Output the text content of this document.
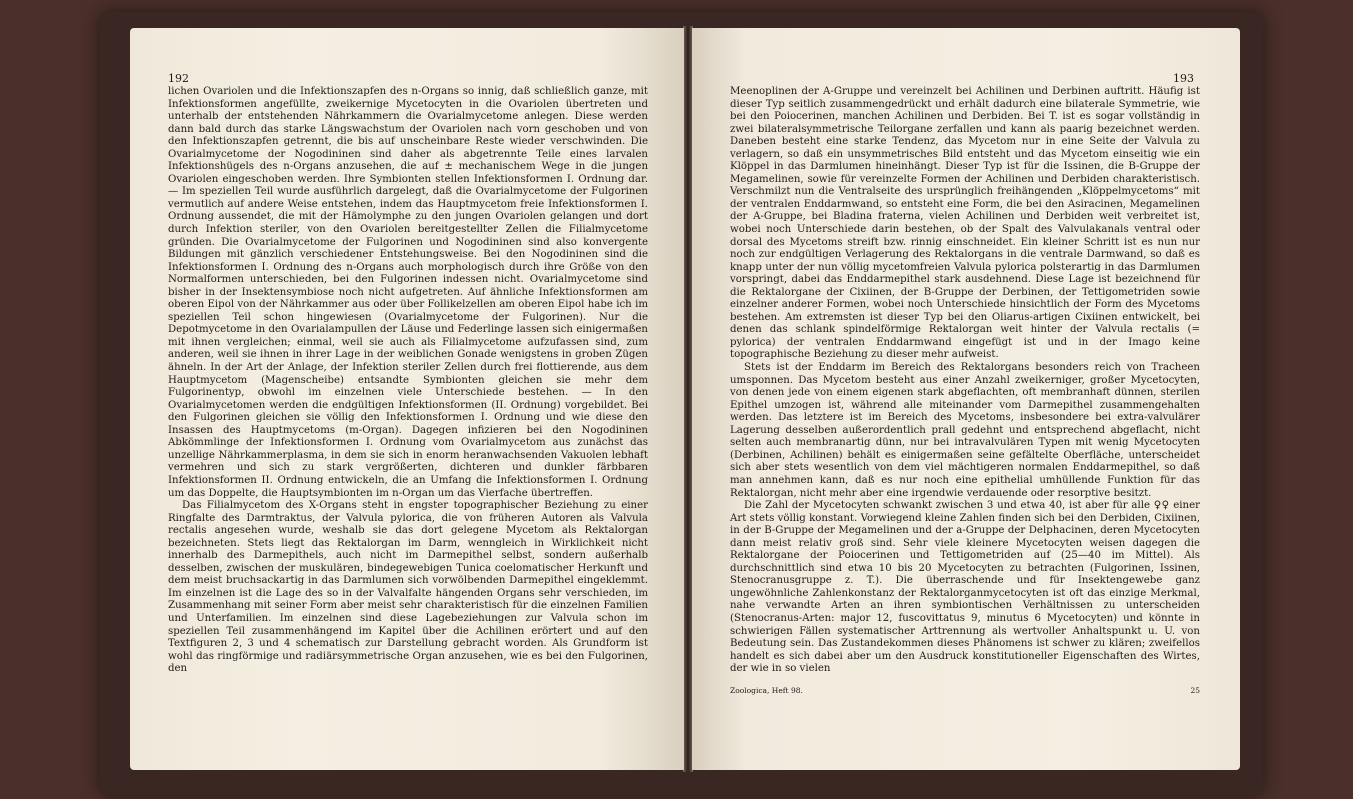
192

lichen Ovariolen und die Infektionszapfen des n-Organs so innig, daß schließlich ganze, mit Infektionsformen angefüllte, zweikernige Mycetocyten in die Ovariolen übertreten und unterhalb der entstehenden Nährkammern die Ovarialmycetome anlegen. Diese werden dann bald durch das starke Längswachstum der Ovariolen nach vorn geschoben und von den Infektionszapfen getrennt, die bis auf unscheinbare Reste wieder verschwinden. Die Ovarialmycetome der Nogodininen sind daher als abgetrennte Teile eines larvalen Infektionshügels des n-Organs anzusehen, die auf ± mechanischem Wege in die jungen Ovariolen eingeschoben werden. Ihre Symbionten stellen Infektionsformen I. Ordnung dar. — Im speziellen Teil wurde ausführlich dargelegt, daß die Ovarialmycetome der Fulgorinen vermutlich auf andere Weise entstehen, indem das Hauptmycetom freie Infektionsformen I. Ordnung aussendet, die mit der Hämolymphe zu den jungen Ovariolen gelangen und dort durch Infektion steriler, von den Ovariolen bereitgestellter Zellen die Filialmycetome gründen. Die Ovarialmycetome der Fulgorinen und Nogodininen sind also konvergente Bildungen mit gänzlich verschiedener Entstehungsweise. Bei den Nogodininen sind die Infektionsformen I. Ordnung des n-Organs auch morphologisch durch ihre Größe von den Normalformen unterschieden, bei den Fulgorinen indessen nicht. Ovarialmycetome sind bisher in der Insektensymbiose noch nicht aufgetreten. Auf ähnliche Infektionsformen am oberen Eipol von der Nährkammer aus oder über Follikelzellen am oberen Eipol habe ich im speziellen Teil schon hingewiesen (Ovarialmycetome der Fulgorinen). Nur die Depotmycetome in den Ovarialampullen der Läuse und Federlinge lassen sich einigermaßen mit ihnen vergleichen; einmal, weil sie auch als Filialmycetome aufzufassen sind, zum anderen, weil sie ihnen in ihrer Lage in der weiblichen Gonade wenigstens in groben Zügen ähneln. In der Art der Anlage, der Infektion steriler Zellen durch frei flottierende, aus dem Hauptmycetom (Magenscheibe) entsandte Symbionten gleichen sie mehr dem Fulgorinentyp, obwohl im einzelnen viele Unterschiede bestehen. — In den Ovarialmycetomen werden die endgültigen Infektionsformen (II. Ordnung) vorgebildet. Bei den Fulgorinen gleichen sie völlig den Infektionsformen I. Ordnung und wie diese den Insassen des Hauptmycetoms (m-Organ). Dagegen infizieren bei den Nogodininen Abkömmlinge der Infektionsformen I. Ordnung vom Ovarialmycetom aus zunächst das unzellige Nährkammerplasma, in dem sie sich in enorm heranwachsenden Vakuolen lebhaft vermehren und sich zu stark vergrößerten, dichteren und dunkler färbbaren Infektionsformen II. Ordnung entwickeln, die an Umfang die Infektionsformen I. Ordnung um das Doppelte, die Hauptsymbionten im n-Organ um das Vierfache übertreffen.

Das Filialmycetom des X-Organs steht in engster topographischer Beziehung zu einer Ringfalte des Darmtraktus, der Valvula pylorica, die von früheren Autoren als Valvula rectalis angesehen wurde, weshalb sie das dort gelegene Mycetom als Rektalorgan bezeichneten. Stets liegt das Rektalorgan im Darm, wenngleich in Wirklichkeit nicht innerhalb des Darmepithels, auch nicht im Darmepithel selbst, sondern außerhalb desselben, zwischen der muskulären, bindegewebigen Tunica coelomatischer Herkunft und dem meist bruchsackartig in das Darmlumen sich vorwölbenden Darmepithel eingeklemmt. Im einzelnen ist die Lage des so in der Valvalfalte hängenden Organs sehr verschieden, im Zusammenhang mit seiner Form aber meist sehr charakteristisch für die einzelnen Familien und Unterfamilien. Im einzelnen sind diese Lagebeziehungen zur Valvula schon im speziellen Teil zusammenhängend im Kapitel über die Achilinen erörtert und auf den Textfiguren 2, 3 und 4 schematisch zur Darstellung gebracht worden. Als Grundform ist wohl das ringförmige und radiärsymmetrische Organ anzusehen, wie es bei den Fulgorinen, den

193

Meenoplinen der A-Gruppe und vereinzelt bei Achilinen und Derbinen auftritt. Häufig ist dieser Typ seitlich zusammengedrückt und erhält dadurch eine bilaterale Symmetrie, wie bei den Poiocerinen, manchen Achilinen und Derbiden. Bei T. ist es sogar vollständig in zwei bilateralsymmetrische Teilorgane zerfallen und kann als paarig bezeichnet werden. Daneben besteht eine starke Tendenz, das Mycetom nur in eine Seite der Valvula zu verlagern, so daß ein unsymmetrisches Bild entsteht und das Mycetom einseitig wie ein Klöppel in das Darmlumen hineinhängt. Dieser Typ ist für die Issinen, die B-Gruppe der Megamelinen, sowie für vereinzelte Formen der Achilinen und Derbiden charakteristisch. Verschmilzt nun die Ventralseite des ursprünglich freihängenden „Klöppelmycetoms“ mit der ventralen Enddarmwand, so entsteht eine Form, die bei den Asiracinen, Megamelinen der A-Gruppe, bei Bladina fraterna, vielen Achilinen und Derbiden weit verbreitet ist, wobei noch Unterschiede darin bestehen, ob der Spalt des Valvulakanals ventral oder dorsal des Mycetoms streift bzw. rinnig einschneidet. Ein kleiner Schritt ist es nun nur noch zur endgültigen Verlagerung des Rektalorgans in die ventrale Darmwand, so daß es knapp unter der nun völlig mycetomfreien Valvula pylorica polsterartig in das Darmlumen vorspringt, dabei das Enddarmepithel stark ausdehnend. Diese Lage ist bezeichnend für die Rektalorgane der Cixiinen, der B-Gruppe der Derbinen, der Tettigometriden sowie einzelner anderer Formen, wobei noch Unterschiede hinsichtlich der Form des Mycetoms bestehen. Am extremsten ist dieser Typ bei den Oliarus-artigen Cixiinen entwickelt, bei denen das schlank spindelförmige Rektalorgan weit hinter der Valvula rectalis (= pylorica) der ventralen Enddarmwand eingefügt ist und in der Imago keine topographische Beziehung zu dieser mehr aufweist.

Stets ist der Enddarm im Bereich des Rektalorgans besonders reich von Tracheen umsponnen. Das Mycetom besteht aus einer Anzahl zweikerniger, großer Mycetocyten, von denen jede von einem eigenen stark abgeflachten, oft membranhaft dünnen, sterilen Epithel umzogen ist, während alle miteinander vom Darmepithel zusammengehalten werden. Das letztere ist im Bereich des Mycetoms, insbesondere bei extra-valvulärer Lagerung desselben außerordentlich prall gedehnt und entsprechend abgeflacht, nicht selten auch membranartig dünn, nur bei intravalvulären Typen mit wenig Mycetocyten (Derbinen, Achilinen) behält es einigermaßen seine gefältelte Oberfläche, unterscheidet sich aber stets wesentlich von dem viel mächtigeren normalen Enddarmepithel, so daß man annehmen kann, daß es nur noch eine epithelial umhüllende Funktion für das Rektalorgan, nicht mehr aber eine irgendwie verdauende oder resorptive besitzt.

Die Zahl der Mycetocyten schwankt zwischen 3 und etwa 40, ist aber für alle ♀♀ einer Art stets völlig konstant. Vorwiegend kleine Zahlen finden sich bei den Derbiden, Cixiinen, in der B-Gruppe der Megamelinen und der a-Gruppe der Delphacinen, deren Mycetocyten dann meist relativ groß sind. Sehr viele kleinere Mycetocyten weisen dagegen die Rektalorgane der Poiocerinen und Tettigometriden auf (25—40 im Mittel). Als durchschnittlich sind etwa 10 bis 20 Mycetocyten zu betrachten (Fulgorinen, Issinen, Stenocranusgruppe z. T.). Die überraschende und für Insektengewebe ganz ungewöhnliche Zahlenkonstanz der Rektalorganmycetocyten ist oft das einzige Merkmal, nahe verwandte Arten an ihren symbiontischen Verhältnissen zu unterscheiden (Stenocranus-Arten: major 12, fuscovittatus 9, minutus 6 Mycetocyten) und könnte in schwierigen Fällen systematischer Arttrennung als wertvoller Anhaltspunkt u. U. von Bedeutung sein. Das Zustandekommen dieses Phänomens ist schwer zu klären; zweifellos handelt es sich dabei aber um den Ausdruck konstitutioneller Eigenschaften des Wirtes, der wie in so vielen

Zoologica, Heft 98.	25
